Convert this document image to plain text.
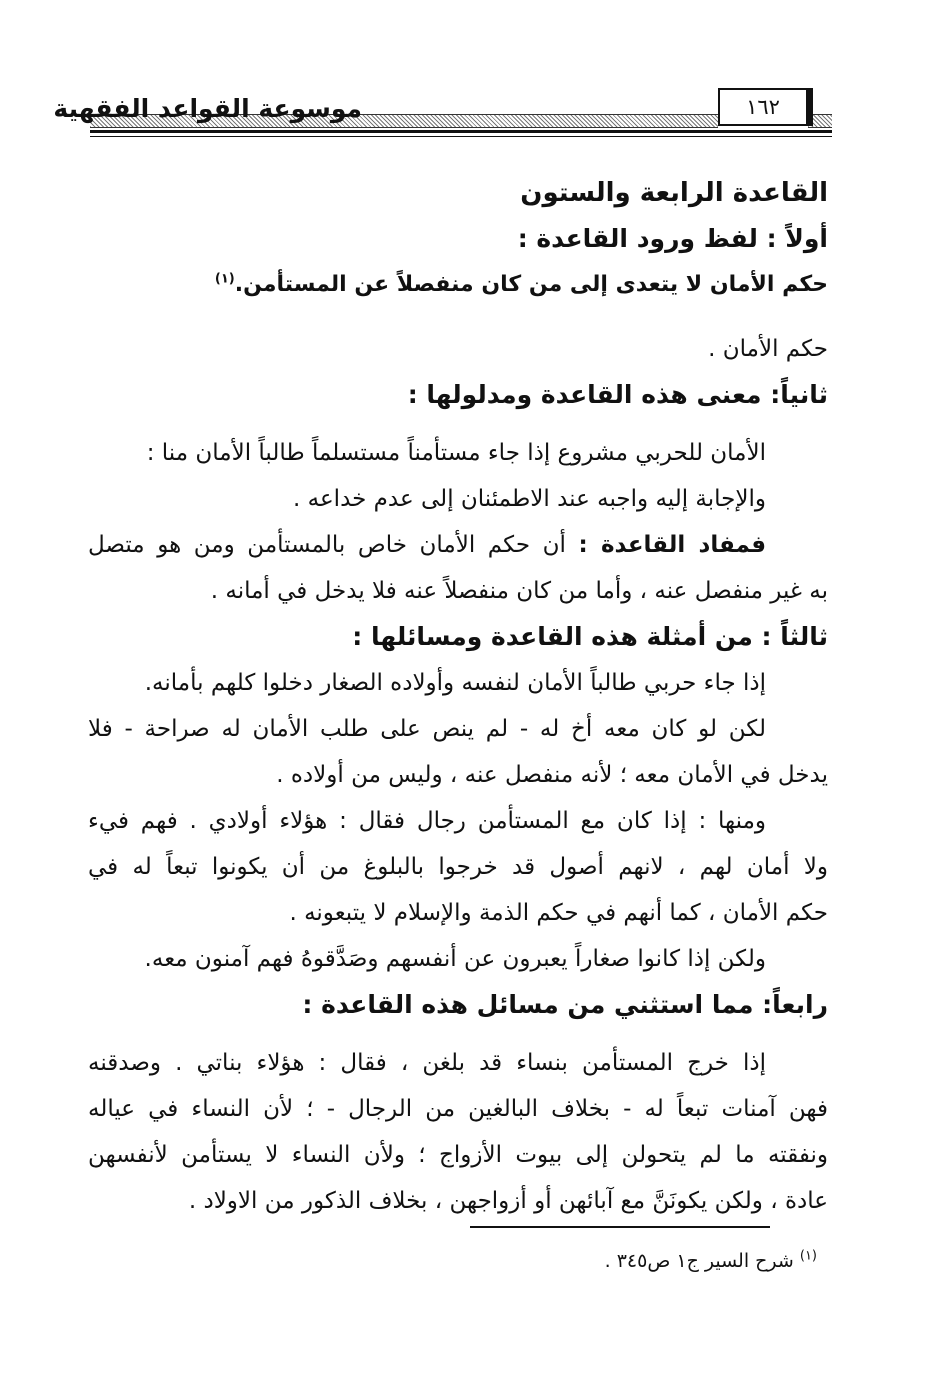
موسوعة القواعد الفقهية	١٦٢
القاعدة الرابعة والستون
أولاً : لفظ ورود القاعدة :
حكم الأمان لا يتعدى إلى من كان منفصلاً عن المستأمن.$^{(١)}$
حكم الأمان .
ثانياً: معنى هذه القاعدة ومدلولها :
الأمان للحربي مشروع إذا جاء مستأمناً مستسلماً طالباً الأمان منا :
والإجابة إليه واجبه عند الاطمئنان إلى عدم خداعه .
فمفاد القاعدة : أن حكم الأمان خاص بالمستأمن ومن هو متصل
به غير منفصل عنه ، وأما من كان منفصلاً عنه فلا يدخل في أمانه .
ثالثاً : من أمثلة هذه القاعدة ومسائلها :
إذا جاء حربي طالباً الأمان لنفسه وأولاده الصغار دخلوا كلهم بأمانه.
لكن لو كان معه أخ له - لم ينص على طلب الأمان له صراحة - فلا
يدخل في الأمان معه ؛ لأنه منفصل عنه ، وليس من أولاده .
ومنها : إذا كان مع المستأمن رجال فقال : هؤلاء أولادي . فهم فيء
ولا أمان لهم ، لانهم أصول قد خرجوا بالبلوغ من أن يكونوا تبعاً له في
حكم الأمان ، كما أنهم في حكم الذمة والإسلام لا يتبعونه .
ولكن إذا كانوا صغاراً يعبرون عن أنفسهم وصَدَّقوهُ فهم آمنون معه.
رابعاً: مما استثني من مسائل هذه القاعدة :
إذا خرج المستأمن بنساء قد بلغن ، فقال : هؤلاء بناتي . وصدقنه
فهن آمنات تبعاً له - بخلاف البالغين من الرجال - ؛ لأن النساء في عياله
ونفقته ما لم يتحولن إلى بيوت الأزواج ؛ ولأن النساء لا يستأمن لأنفسهن
عادة ، ولكن يكونَنَّ مع آبائهن أو أزواجهن ، بخلاف الذكور من الاولاد .
$^{(١)}$ شرح السير ج١ ص٣٤٥ .
